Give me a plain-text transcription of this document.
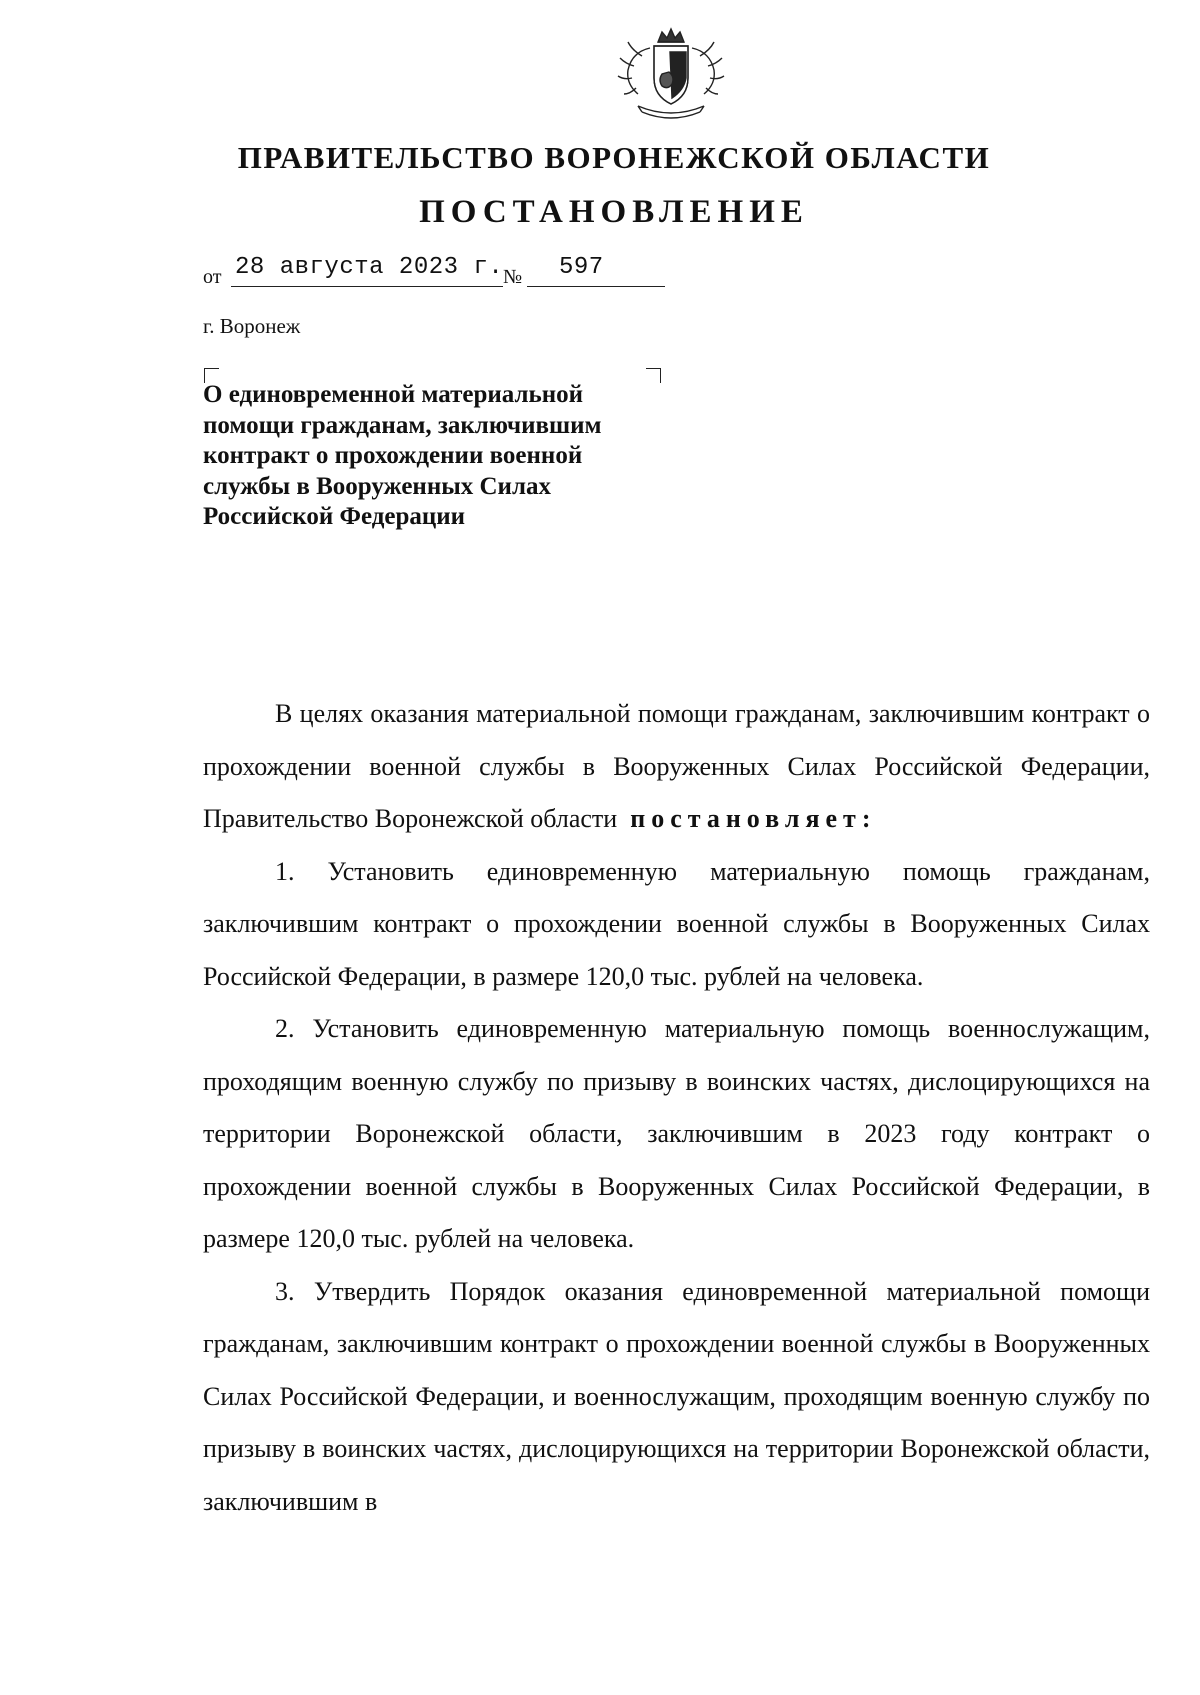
ПРАВИТЕЛЬСТВО ВОРОНЕЖСКОЙ ОБЛАСТИ
ПОСТАНОВЛЕНИЕ
от 28 августа 2023 г. № 597
г. Воронеж
О единовременной материальной
помощи гражданам, заключившим
контракт о прохождении военной
службы в Вооруженных Силах
Российской Федерации

В целях оказания материальной помощи гражданам, заключившим контракт о прохождении военной службы в Вооруженных Силах Российской Федерации, Правительство Воронежской области постановляет:

1. Установить единовременную материальную помощь гражданам, заключившим контракт о прохождении военной службы в Вооруженных Силах Российской Федерации, в размере 120,0 тыс. рублей на человека.

2. Установить единовременную материальную помощь военнослужащим, проходящим военную службу по призыву в воинских частях, дислоцирующихся на территории Воронежской области, заключившим в 2023 году контракт о прохождении военной службы в Вооруженных Силах Российской Федерации, в размере 120,0 тыс. рублей на человека.

3. Утвердить Порядок оказания единовременной материальной помощи гражданам, заключившим контракт о прохождении военной службы в Вооруженных Силах Российской Федерации, и военнослужащим, проходящим военную службу по призыву в воинских частях, дислоцирующихся на территории Воронежской области, заключившим в
